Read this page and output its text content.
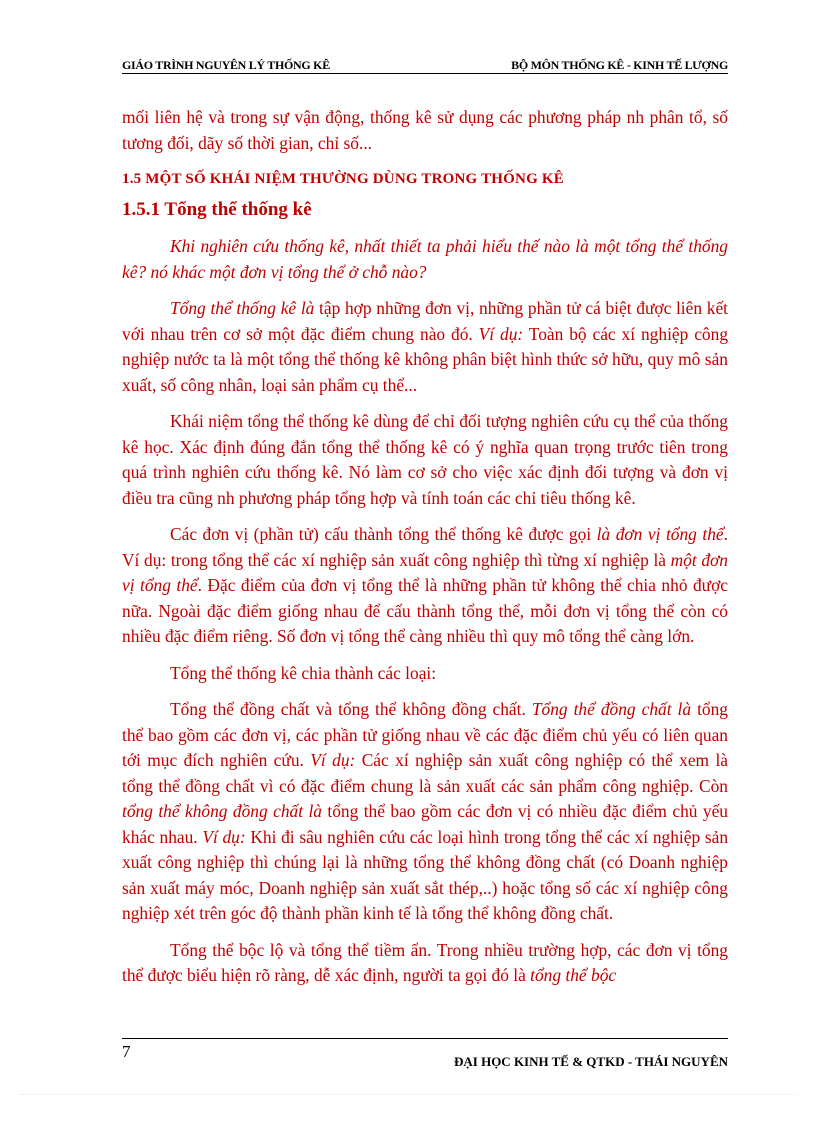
GIÁO TRÌNH NGUYÊN LÝ THỐNG KÊ	BỘ MÔN THỐNG KÊ - KINH TẾ LƯỢNG

mối liên hệ và trong sự vận động, thống kê sử dụng các phương pháp nh phân tổ, số tương đối, dãy số thời gian, chỉ số...

1.5 MỘT SỐ KHÁI NIỆM THƯỜNG DÙNG TRONG THỐNG KÊ
1.5.1 Tổng thể thống kê

Khi nghiên cứu thống kê, nhất thiết ta phải hiểu thế nào là một tổng thể thống kê? nó khác một đơn vị tổng thể ở chỗ nào?

Tổng thể thống kê là tập hợp những đơn vị, những phần tử cá biệt được liên kết với nhau trên cơ sở một đặc điểm chung nào đó. Ví dụ: Toàn bộ các xí nghiệp công nghiệp nước ta là một tổng thể thống kê không phân biệt hình thức sở hữu, quy mô sản xuất, số công nhân, loại sản phẩm cụ thể...

Khái niệm tổng thể thống kê dùng để chỉ đối tượng nghiên cứu cụ thể của thống kê học. Xác định đúng đắn tổng thể thống kê có ý nghĩa quan trọng trước tiên trong quá trình nghiên cứu thống kê. Nó làm cơ sở cho việc xác định đối tượng và đơn vị điều tra cũng nh phương pháp tổng hợp và tính toán các chỉ tiêu thống kê.

Các đơn vị (phần tử) cấu thành tổng thể thống kê được gọi là đơn vị tổng thể. Ví dụ: trong tổng thể các xí nghiệp sản xuất công nghiệp thì từng xí nghiệp là một đơn vị tổng thể. Đặc điểm của đơn vị tổng thể là những phần tử không thể chia nhỏ được nữa. Ngoài đặc điểm giống nhau để cấu thành tổng thể, mỗi đơn vị tổng thể còn có nhiều đặc điểm riêng. Số đơn vị tổng thể càng nhiều thì quy mô tổng thể càng lớn.

Tổng thể thống kê chia thành các loại:

Tổng thể đồng chất và tổng thể không đồng chất. Tổng thể đồng chất là tổng thể bao gồm các đơn vị, các phần tử giống nhau về các đặc điểm chủ yếu có liên quan tới mục đích nghiên cứu. Ví dụ: Các xí nghiệp sản xuất công nghiệp có thể xem là tổng thể đồng chất vì có đặc điểm chung là sản xuất các sản phẩm công nghiệp. Còn tổng thể không đồng chất là tổng thể bao gồm các đơn vị có nhiều đặc điểm chủ yếu khác nhau. Ví dụ: Khi đi sâu nghiên cứu các loại hình trong tổng thể các xí nghiệp sản xuất công nghiệp thì chúng lại là những tổng thể không đồng chất (có Doanh nghiệp sản xuất máy móc, Doanh nghiệp sản xuất sắt thép,..) hoặc tổng số các xí nghiệp công nghiệp xét trên góc độ thành phần kinh tế là tổng thể không đồng chất.

Tổng thể bộc lộ và tổng thể tiềm ẩn. Trong nhiều trường hợp, các đơn vị tổng thể được biểu hiện rõ ràng, dễ xác định, người ta gọi đó là tổng thể bộc

7
ĐẠI HỌC KINH TẾ & QTKD - THÁI NGUYÊN
